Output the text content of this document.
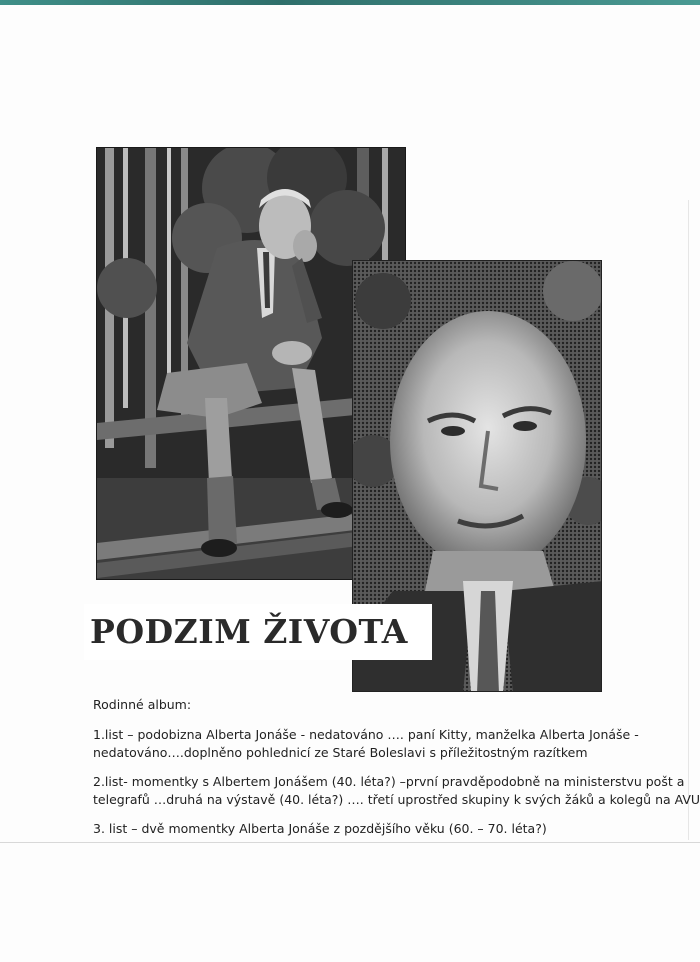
PODZIM ŽIVOTA
Rodinné album:
1.list – podobizna Alberta Jonáše - nedatováno …. paní Kitty, manželka Alberta Jonáše -
nedatováno….doplněno pohlednicí ze Staré Boleslavi s příležitostným razítkem
2.list- momentky s Albertem Jonášem (40. léta?) –první pravděpodobně na ministerstvu pošt a
telegrafů …druhá na výstavě (40. léta?) …. třetí uprostřed skupiny k svých žáků a kolegů na AVU
3. list – dvě momentky Alberta Jonáše z pozdějšího věku (60. – 70. léta?)
